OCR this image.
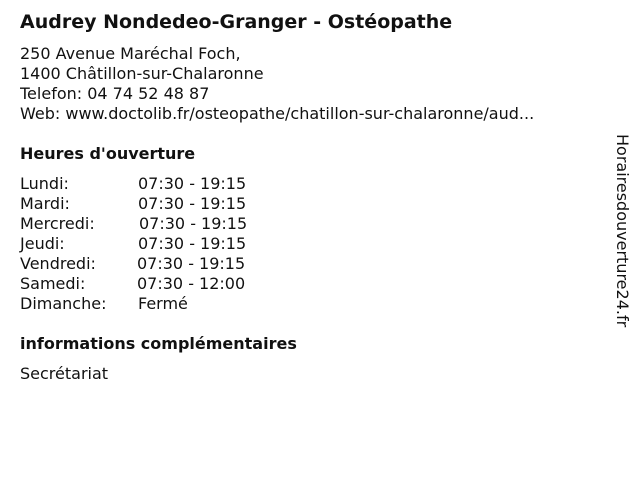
Audrey Nondedeo-Granger - Ostéopathe
250 Avenue Maréchal Foch,
1400 Châtillon-sur-Chalaronne
Telefon: 04 74 52 48 87
Web: www.doctolib.fr/osteopathe/chatillon-sur-chalaronne/aud...
Heures d'ouverture
Lundi:	07:30 - 19:15
Mardi:	07:30 - 19:15
Mercredi:	07:30 - 19:15
Jeudi:	07:30 - 19:15
Vendredi:	07:30 - 19:15
Samedi:	07:30 - 12:00
Dimanche:	Fermé
informations complémentaires
Secrétariat
Horairesdouverture24.fr
